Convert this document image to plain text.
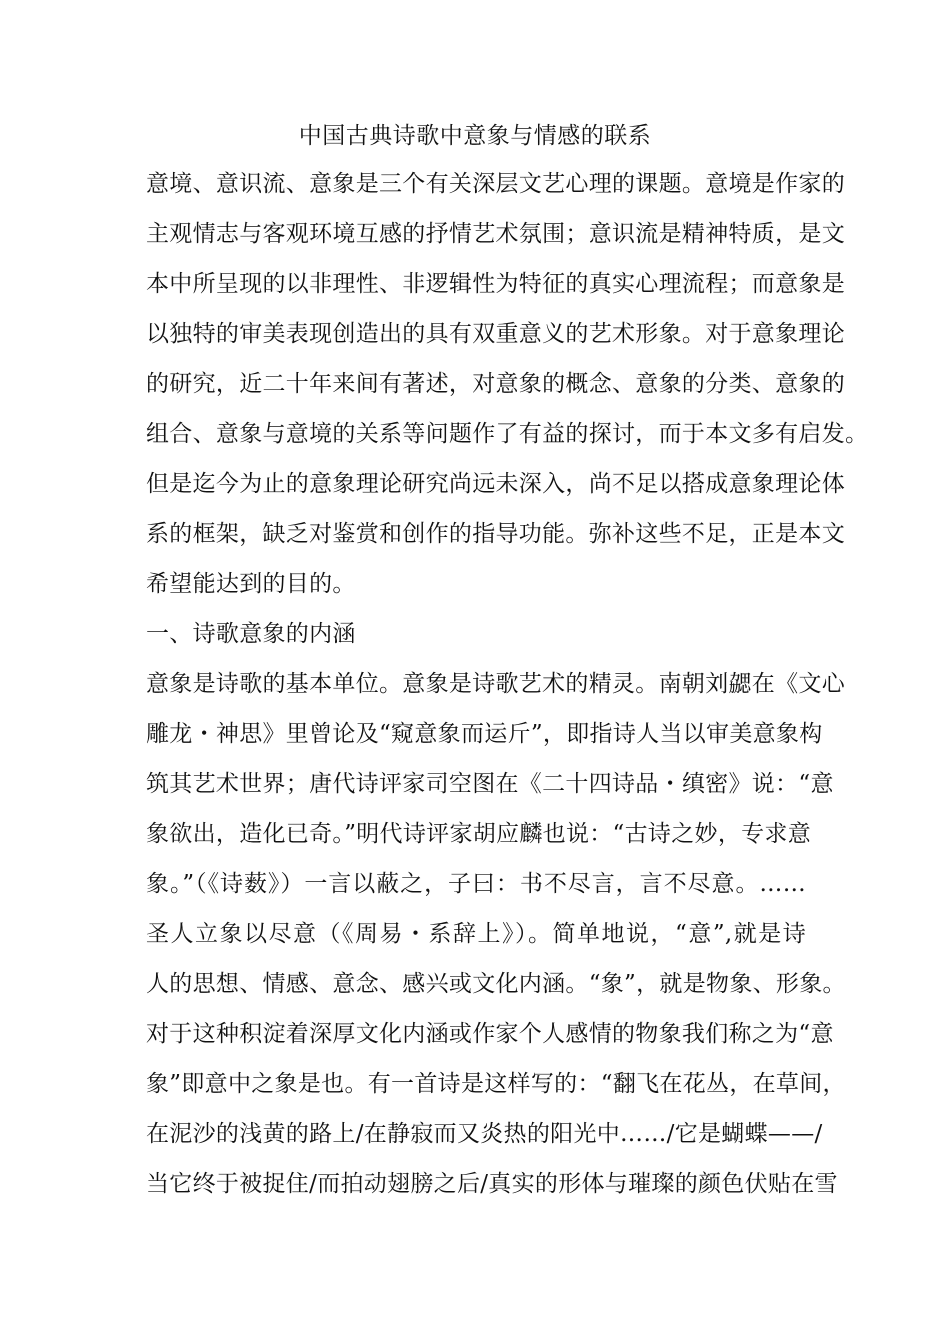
中国古典诗歌中意象与情感的联系
意境、意识流、意象是三个有关深层文艺心理的课题。意境是作家的
主观情志与客观环境互感的抒情艺术氛围；意识流是精神特质，是文
本中所呈现的以非理性、非逻辑性为特征的真实心理流程；而意象是
以独特的审美表现创造出的具有双重意义的艺术形象。对于意象理论
的研究，近二十年来间有著述，对意象的概念、意象的分类、意象的
组合、意象与意境的关系等问题作了有益的探讨，而于本文多有启发。
但是迄今为止的意象理论研究尚远未深入，尚不足以搭成意象理论体
系的框架，缺乏对鉴赏和创作的指导功能。弥补这些不足，正是本文
希望能达到的目的。
一、诗歌意象的内涵
意象是诗歌的基本单位。意象是诗歌艺术的精灵。南朝刘勰在《文心
雕龙・神思》里曾论及“窥意象而运斤”，即指诗人当以审美意象构
筑其艺术世界；唐代诗评家司空图在《二十四诗品・缜密》说：“意
象欲出，造化已奇。”明代诗评家胡应麟也说：“古诗之妙，专求意
象。”（《诗薮》）一言以蔽之，子曰：书不尽言，言不尽意。……
圣人立象以尽意（《周易・系辞上》）。简单地说，“意”,就是诗
人的思想、情感、意念、感兴或文化内涵。“象”，就是物象、形象。
对于这种积淀着深厚文化内涵或作家个人感情的物象我们称之为“意
象”即意中之象是也。有一首诗是这样写的：“翻飞在花丛，在草间，
在泥沙的浅黄的路上/在静寂而又炎热的阳光中……/它是蝴蝶——/
当它终于被捉住/而拍动翅膀之后/真实的形体与璀璨的颜色伏贴在雪
